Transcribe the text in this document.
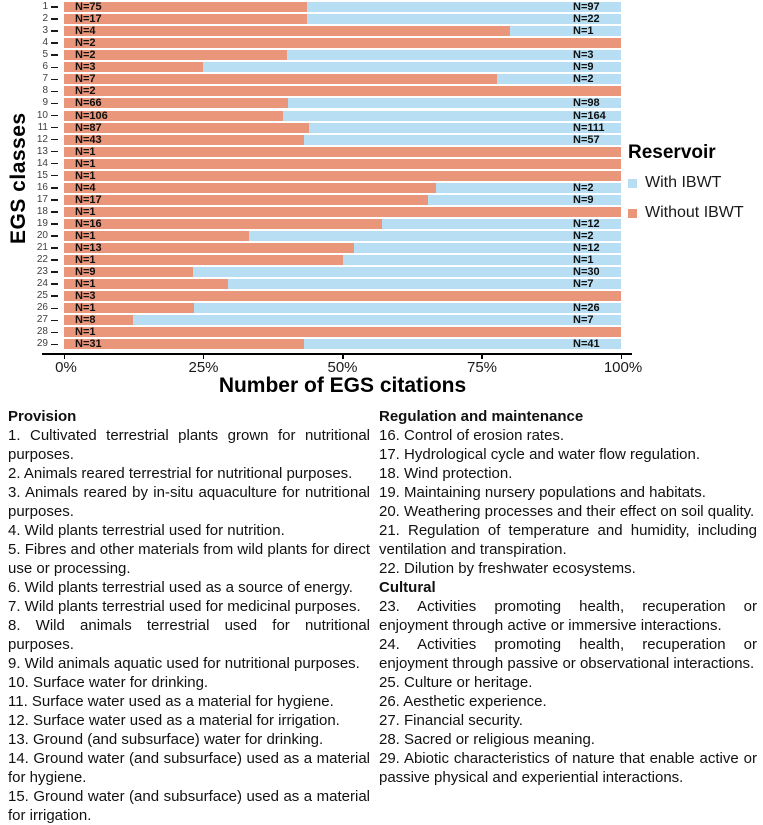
EGS classes
1 N=75	N=97
2 N=17	N=22
3 N=4	N=1
4 N=2
5 N=2	N=3
6 N=3	N=9
7 N=7	N=2
8 N=2
9 N=66	N=98
10 N=106	N=164
11 N=87	N=111
12 N=43	N=57
13 N=1
14 N=1
15 N=1
16 N=4	N=2
17 N=17	N=9
18 N=1
19 N=16	N=12
20 N=1	N=2
21 N=13	N=12
22 N=1	N=1
23 N=9	N=30
24 N=1	N=7
25 N=3
26 N=1	N=26
27 N=8	N=7
28 N=1
29 N=31	N=41
0%	25%	50%	75%	100%
Number of EGS citations
Reservoir
With IBWT
Without IBWT

Provision

1. Cultivated terrestrial plants grown for nutritional purposes.

2. Animals reared terrestrial for nutritional purposes.

3. Animals reared by in-situ aquaculture for nutritional purposes.

4. Wild plants terrestrial used for nutrition.

5. Fibres and other materials from wild plants for direct use or processing.

6. Wild plants terrestrial used as a source of energy.

7. Wild plants terrestrial used for medicinal purposes.

8. Wild animals terrestrial used for nutritional purposes.

9. Wild animals aquatic used for nutritional purposes.

10. Surface water for drinking.

11. Surface water used as a material for hygiene.

12. Surface water used as a material for irrigation.

13. Ground (and subsurface) water for drinking.

14. Ground water (and subsurface) used as a material for hygiene.

15. Ground water (and subsurface) used as a material for irrigation.

Regulation and maintenance

16. Control of erosion rates.

17. Hydrological cycle and water flow regulation.

18. Wind protection.

19. Maintaining nursery populations and habitats.

20. Weathering processes and their effect on soil quality.

21. Regulation of temperature and humidity, including ventilation and transpiration.

22. Dilution by freshwater ecosystems.

Cultural

23. Activities promoting health, recuperation or enjoyment through active or immersive interactions.

24. Activities promoting health, recuperation or enjoyment through passive or observational interactions.

25. Culture or heritage.

26. Aesthetic experience.

27. Financial security.

28. Sacred or religious meaning.

29. Abiotic characteristics of nature that enable active or passive physical and experiential interactions.
